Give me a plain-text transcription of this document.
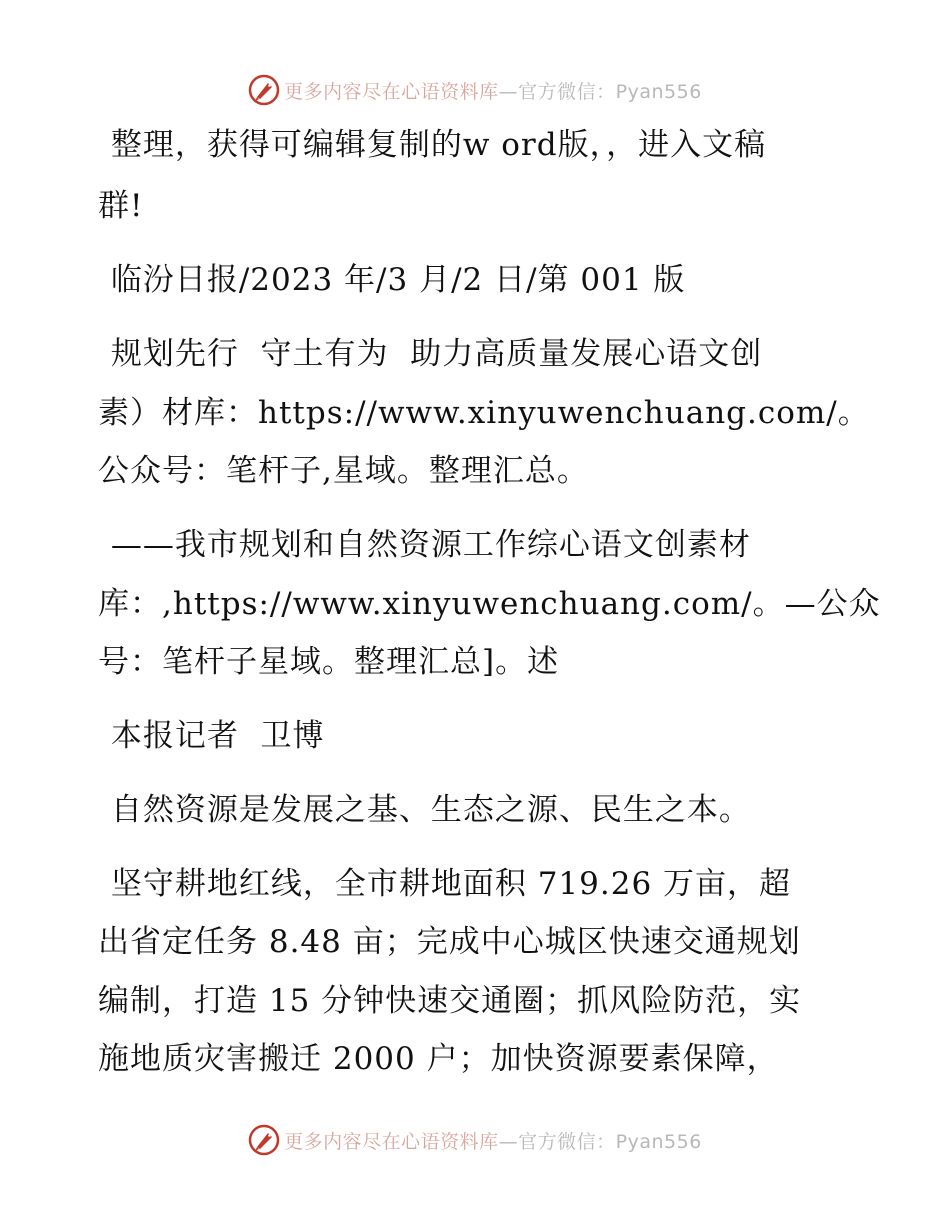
更多内容尽在心语资料库—官方微信：Pyan556
整理，获得可编辑复制的w ord版，，进入文稿
群!
临汾日报/2023 年/3 月/2 日/第 001 版
规划先行  守土有为  助力高质量发展心语文创
素）材库：https://www.xinyuwenchuang.com/。
公众号：笔杆子,星域。整理汇总。
——我市规划和自然资源工作综心语文创素材
库：,https://www.xinyuwenchuang.com/。—公众
号：笔杆子星域。整理汇总]。述
本报记者  卫博
自然资源是发展之基、生态之源、民生之本。
坚守耕地红线，全市耕地面积 719.26 万亩，超
出省定任务 8.48 亩；完成中心城区快速交通规划
编制，打造 15 分钟快速交通圈；抓风险防范，实
施地质灾害搬迁 2000 户；加快资源要素保障，
更多内容尽在心语资料库—官方微信：Pyan556
